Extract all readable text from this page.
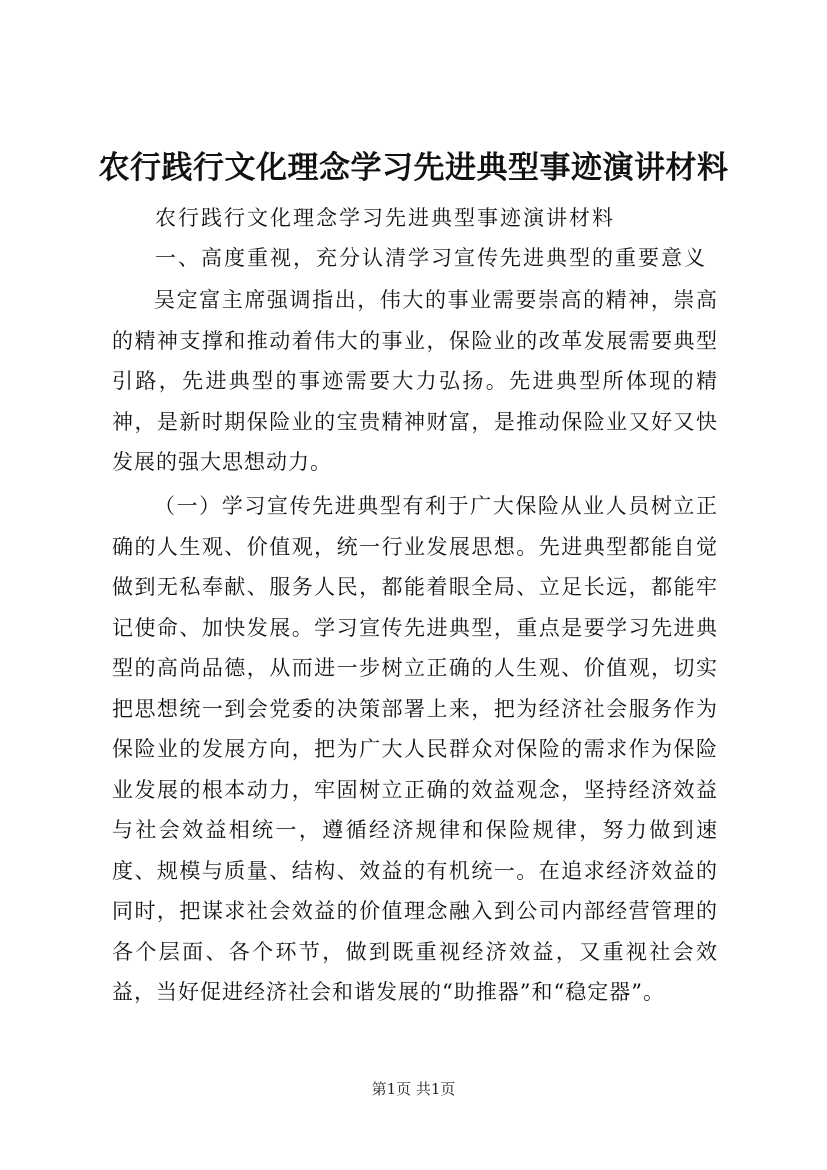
农行践行文化理念学习先进典型事迹演讲材料
农行践行文化理念学习先进典型事迹演讲材料
一、高度重视，充分认清学习宣传先进典型的重要意义

吴定富主席强调指出，伟大的事业需要崇高的精神，崇高的精神支撑和推动着伟大的事业，保险业的改革发展需要典型引路，先进典型的事迹需要大力弘扬。先进典型所体现的精神，是新时期保险业的宝贵精神财富，是推动保险业又好又快发展的强大思想动力。

（一）学习宣传先进典型有利于广大保险从业人员树立正确的人生观、价值观，统一行业发展思想。先进典型都能自觉做到无私奉献、服务人民，都能着眼全局、立足长远，都能牢记使命、加快发展。学习宣传先进典型，重点是要学习先进典型的高尚品德，从而进一步树立正确的人生观、价值观，切实把思想统一到会党委的决策部署上来，把为经济社会服务作为保险业的发展方向，把为广大人民群众对保险的需求作为保险业发展的根本动力，牢固树立正确的效益观念，坚持经济效益与社会效益相统一，遵循经济规律和保险规律，努力做到速度、规模与质量、结构、效益的有机统一。在追求经济效益的同时，把谋求社会效益的价值理念融入到公司内部经营管理的各个层面、各个环节，做到既重视经济效益，又重视社会效益，当好促进经济社会和谐发展的“助推器”和“稳定器”。

第1页 共1页
